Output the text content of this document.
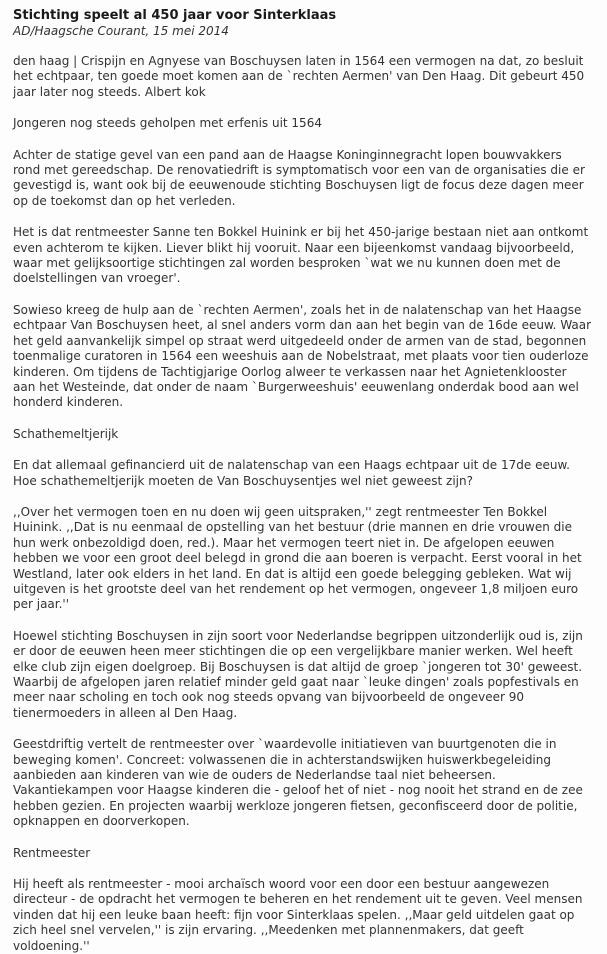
Stichting speelt al 450 jaar voor Sinterklaas

AD/Haagsche Courant, 15 mei 2014

den haag | Crispijn en Agnyese van Boschuysen laten in 1564 een vermogen na dat, zo besluit het echtpaar, ten goede moet komen aan de `rechten Aermen' van Den Haag. Dit gebeurt 450 jaar later nog steeds. Albert kok

Jongeren nog steeds geholpen met erfenis uit 1564

Achter de statige gevel van een pand aan de Haagse Koninginnegracht lopen bouwvakkers rond met gereedschap. De renovatiedrift is symptomatisch voor een van de organisaties die er gevestigd is, want ook bij de eeuwenoude stichting Boschuysen ligt de focus deze dagen meer op de toekomst dan op het verleden.

Het is dat rentmeester Sanne ten Bokkel Huinink er bij het 450-jarige bestaan niet aan ontkomt even achterom te kijken. Liever blikt hij vooruit. Naar een bijeenkomst vandaag bijvoorbeeld, waar met gelijksoortige stichtingen zal worden besproken `wat we nu kunnen doen met de doelstellingen van vroeger'.

Sowieso kreeg de hulp aan de `rechten Aermen', zoals het in de nalatenschap van het Haagse echtpaar Van Boschuysen heet, al snel anders vorm dan aan het begin van de 16de eeuw. Waar het geld aanvankelijk simpel op straat werd uitgedeeld onder de armen van de stad, begonnen toenmalige curatoren in 1564 een weeshuis aan de Nobelstraat, met plaats voor tien ouderloze kinderen. Om tijdens de Tachtigjarige Oorlog alweer te verkassen naar het Agnietenklooster aan het Westeinde, dat onder de naam `Burgerweeshuis' eeuwenlang onderdak bood aan wel honderd kinderen.

Schathemeltjerijk

En dat allemaal gefinancierd uit de nalatenschap van een Haags echtpaar uit de 17de eeuw. Hoe schathemeltjerijk moeten de Van Boschuysentjes wel niet geweest zijn?

,,Over het vermogen toen en nu doen wij geen uitspraken,'' zegt rentmeester Ten Bokkel Huinink. ,,Dat is nu eenmaal de opstelling van het bestuur (drie mannen en drie vrouwen die hun werk onbezoldigd doen, red.). Maar het vermogen teert niet in. De afgelopen eeuwen hebben we voor een groot deel belegd in grond die aan boeren is verpacht. Eerst vooral in het Westland, later ook elders in het land. En dat is altijd een goede belegging gebleken. Wat wij uitgeven is het grootste deel van het rendement op het vermogen, ongeveer 1,8 miljoen euro per jaar.''

Hoewel stichting Boschuysen in zijn soort voor Nederlandse begrippen uitzonderlijk oud is, zijn er door de eeuwen heen meer stichtingen die op een vergelijkbare manier werken. Wel heeft elke club zijn eigen doelgroep. Bij Boschuysen is dat altijd de groep `jongeren tot 30' geweest. Waarbij de afgelopen jaren relatief minder geld gaat naar `leuke dingen' zoals popfestivals en meer naar scholing en toch ook nog steeds opvang van bijvoorbeeld de ongeveer 90 tienermoeders in alleen al Den Haag.

Geestdriftig vertelt de rentmeester over `waardevolle initiatieven van buurtgenoten die in beweging komen'. Concreet: volwassenen die in achterstandswijken huiswerkbegeleiding aanbieden aan kinderen van wie de ouders de Nederlandse taal niet beheersen. Vakantiekampen voor Haagse kinderen die - geloof het of niet - nog nooit het strand en de zee hebben gezien. En projecten waarbij werkloze jongeren fietsen, geconfisceerd door de politie, opknappen en doorverkopen.

Rentmeester

Hij heeft als rentmeester - mooi archaïsch woord voor een door een bestuur aangewezen directeur - de opdracht het vermogen te beheren en het rendement uit te geven. Veel mensen vinden dat hij een leuke baan heeft: fijn voor Sinterklaas spelen. ,,Maar geld uitdelen gaat op zich heel snel vervelen,'' is zijn ervaring. ,,Meedenken met plannenmakers, dat geeft voldoening.''
